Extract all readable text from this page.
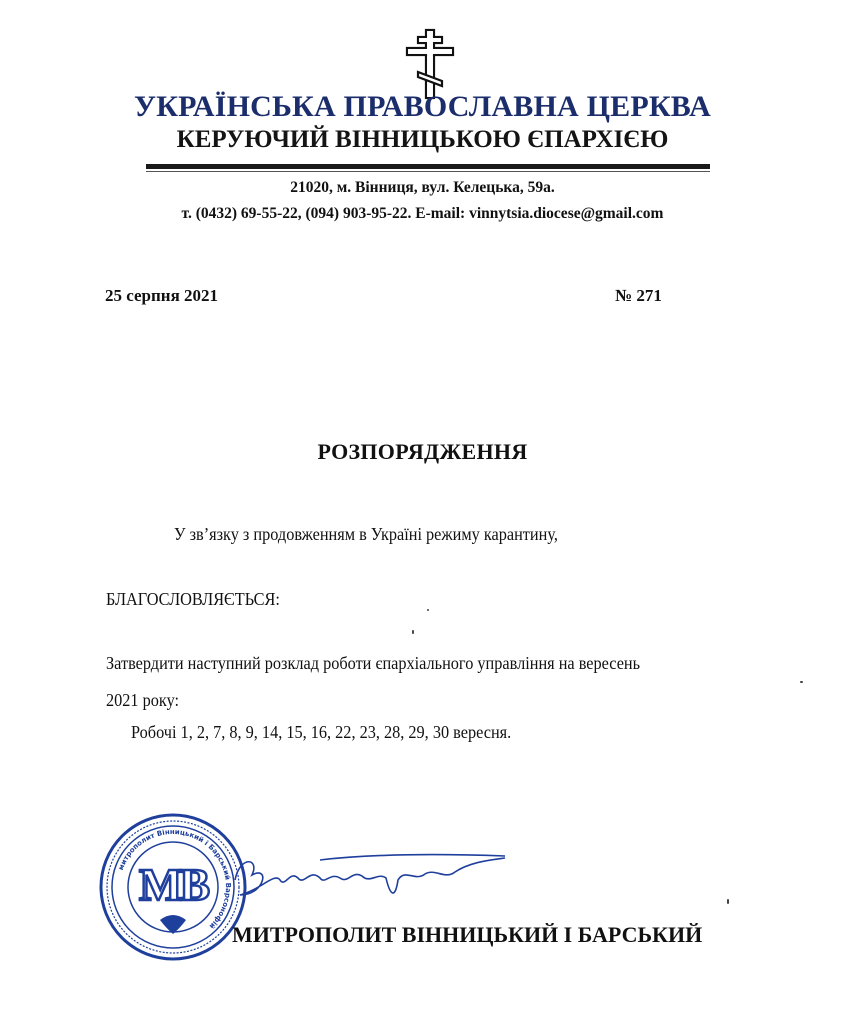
УКРАЇНСЬКА ПРАВОСЛАВНА ЦЕРКВА
КЕРУЮЧИЙ ВІННИЦЬКОЮ ЄПАРХІЄЮ
21020, м. Вінниця, вул. Келецька, 59а.
т. (0432) 69-55-22, (094) 903-95-22. E-mail: vinnytsia.diocese@gmail.com
25 серпня 2021	№ 271
РОЗПОРЯДЖЕННЯ
У зв’язку з продовженням в Україні режиму карантину,
БЛАГОСЛОВЛЯЄТЬСЯ:
Затвердити наступний розклад роботи єпархіального управління на вересень
2021 року:
Робочі 1, 2, 7, 8, 9, 14, 15, 16, 22, 23, 28, 29, 30 вересня.
МВ
митрополит Вінницький і Барський Варсонофій МИТРОПОЛИТ ВІННИЦЬКИЙ І БАРСЬКИЙ
